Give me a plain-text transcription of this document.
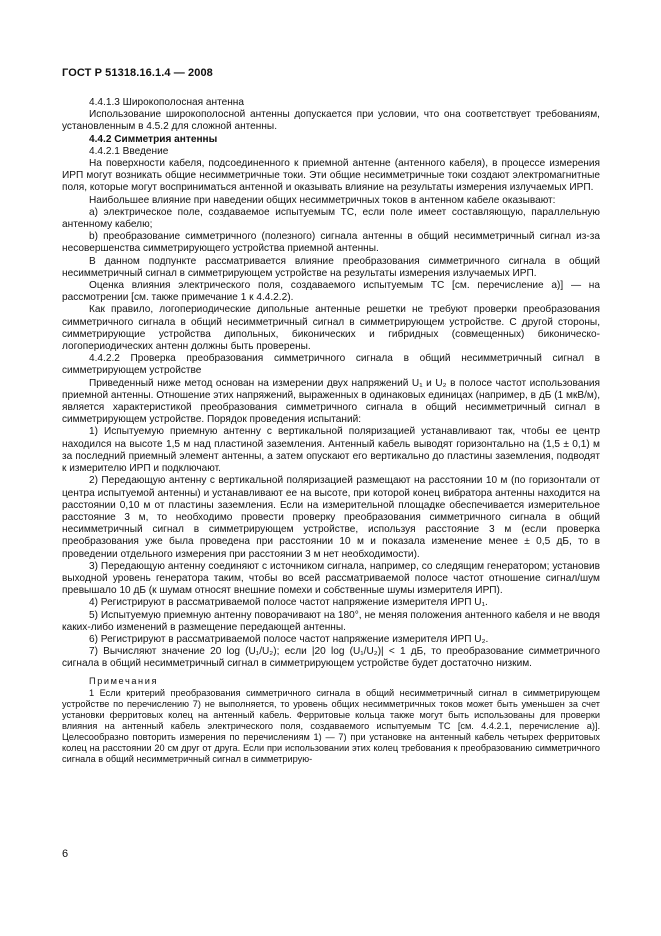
ГОСТ Р 51318.16.1.4 — 2008

4.4.1.3 Широкополосная антенна

Использование широкополосной антенны допускается при условии, что она соответствует требованиям, установленным в 4.5.2 для сложной антенны.

4.4.2 Симметрия антенны

4.4.2.1 Введение

На поверхности кабеля, подсоединенного к приемной антенне (антенного кабеля), в процессе измерения ИРП могут возникать общие несимметричные токи. Эти общие несимметричные токи создают электромагнитные поля, которые могут восприниматься антенной и оказывать влияние на результаты измерения излучаемых ИРП.

Наибольшее влияние при наведении общих несимметричных токов в антенном кабеле оказывают:

a) электрическое поле, создаваемое испытуемым ТС, если поле имеет составляющую, параллельную антенному кабелю;

b) преобразование симметричного (полезного) сигнала антенны в общий несимметричный сигнал из-за несовершенства симметрирующего устройства приемной антенны.

В данном подпункте рассматривается влияние преобразования симметричного сигнала в общий несимметричный сигнал в симметрирующем устройстве на результаты измерения излучаемых ИРП.

Оценка влияния электрического поля, создаваемого испытуемым ТС [см. перечисление а)] — на рассмотрении [см. также примечание 1 к 4.4.2.2).

Как правило, логопериодические дипольные антенные решетки не требуют проверки преобразования симметричного сигнала в общий несимметричный сигнал в симметрирующем устройстве. С другой стороны, симметрирующие устройства дипольных, биконических и гибридных (совмещенных) биконическо-логопериодических антенн должны быть проверены.

4.4.2.2 Проверка преобразования симметричного сигнала в общий несимметричный сигнал в симметрирующем устройстве

Приведенный ниже метод основан на измерении двух напряжений U₁ и U₂ в полосе частот использования приемной антенны. Отношение этих напряжений, выраженных в одинаковых единицах (например, в дБ (1 мкВ/м), является характеристикой преобразования симметричного сигнала в общий несимметричный сигнал в симметрирующем устройстве. Порядок проведения испытаний:

1) Испытуемую приемную антенну с вертикальной поляризацией устанавливают так, чтобы ее центр находился на высоте 1,5 м над пластиной заземления. Антенный кабель выводят горизонтально на (1,5 ± 0,1) м за последний приемный элемент антенны, а затем опускают его вертикально до пластины заземления, подводят к измерителю ИРП и подключают.

2) Передающую антенну с вертикальной поляризацией размещают на расстоянии 10 м (по горизонтали от центра испытуемой антенны) и устанавливают ее на высоте, при которой конец вибратора антенны находится на расстоянии 0,10 м от пластины заземления. Если на измерительной площадке обеспечивается измерительное расстояние 3 м, то необходимо провести проверку преобразования симметричного сигнала в общий несимметричный сигнал в симметрирующем устройстве, используя расстояние 3 м (если проверка преобразования уже была проведена при расстоянии 10 м и показала изменение менее ± 0,5 дБ, то в проведении отдельного измерения при расстоянии 3 м нет необходимости).

3) Передающую антенну соединяют с источником сигнала, например, со следящим генератором; установив выходной уровень генератора таким, чтобы во всей рассматриваемой полосе частот отношение сигнал/шум превышало 10 дБ (к шумам относят внешние помехи и собственные шумы измерителя ИРП).

4) Регистрируют в рассматриваемой полосе частот напряжение измерителя ИРП U₁.

5) Испытуемую приемную антенну поворачивают на 180°, не меняя положения антенного кабеля и не вводя каких-либо изменений в размещение передающей антенны.

6) Регистрируют в рассматриваемой полосе частот напряжение измерителя ИРП U₂.

7) Вычисляют значение 20 log (U₁/U₂); если |20 log (U₁/U₂)| < 1 дБ, то преобразование симметричного сигнала в общий несимметричный сигнал в симметрирующем устройстве будет достаточно низким.

Примечания

1 Если критерий преобразования симметричного сигнала в общий несимметричный сигнал в симметрирующем устройстве по перечислению 7) не выполняется, то уровень общих несимметричных токов может быть уменьшен за счет установки ферритовых колец на антенный кабель. Ферритовые кольца также могут быть использованы для проверки влияния на антенный кабель электрического поля, создаваемого испытуемым ТС [см. 4.4.2.1, перечисление а)]. Целесообразно повторить измерения по перечислениям 1) — 7) при установке на антенный кабель четырех ферритовых колец на расстоянии 20 см друг от друга. Если при использовании этих колец требования к преобразованию симметричного сигнала в общий несимметричный сигнал в симметрирую-

6
